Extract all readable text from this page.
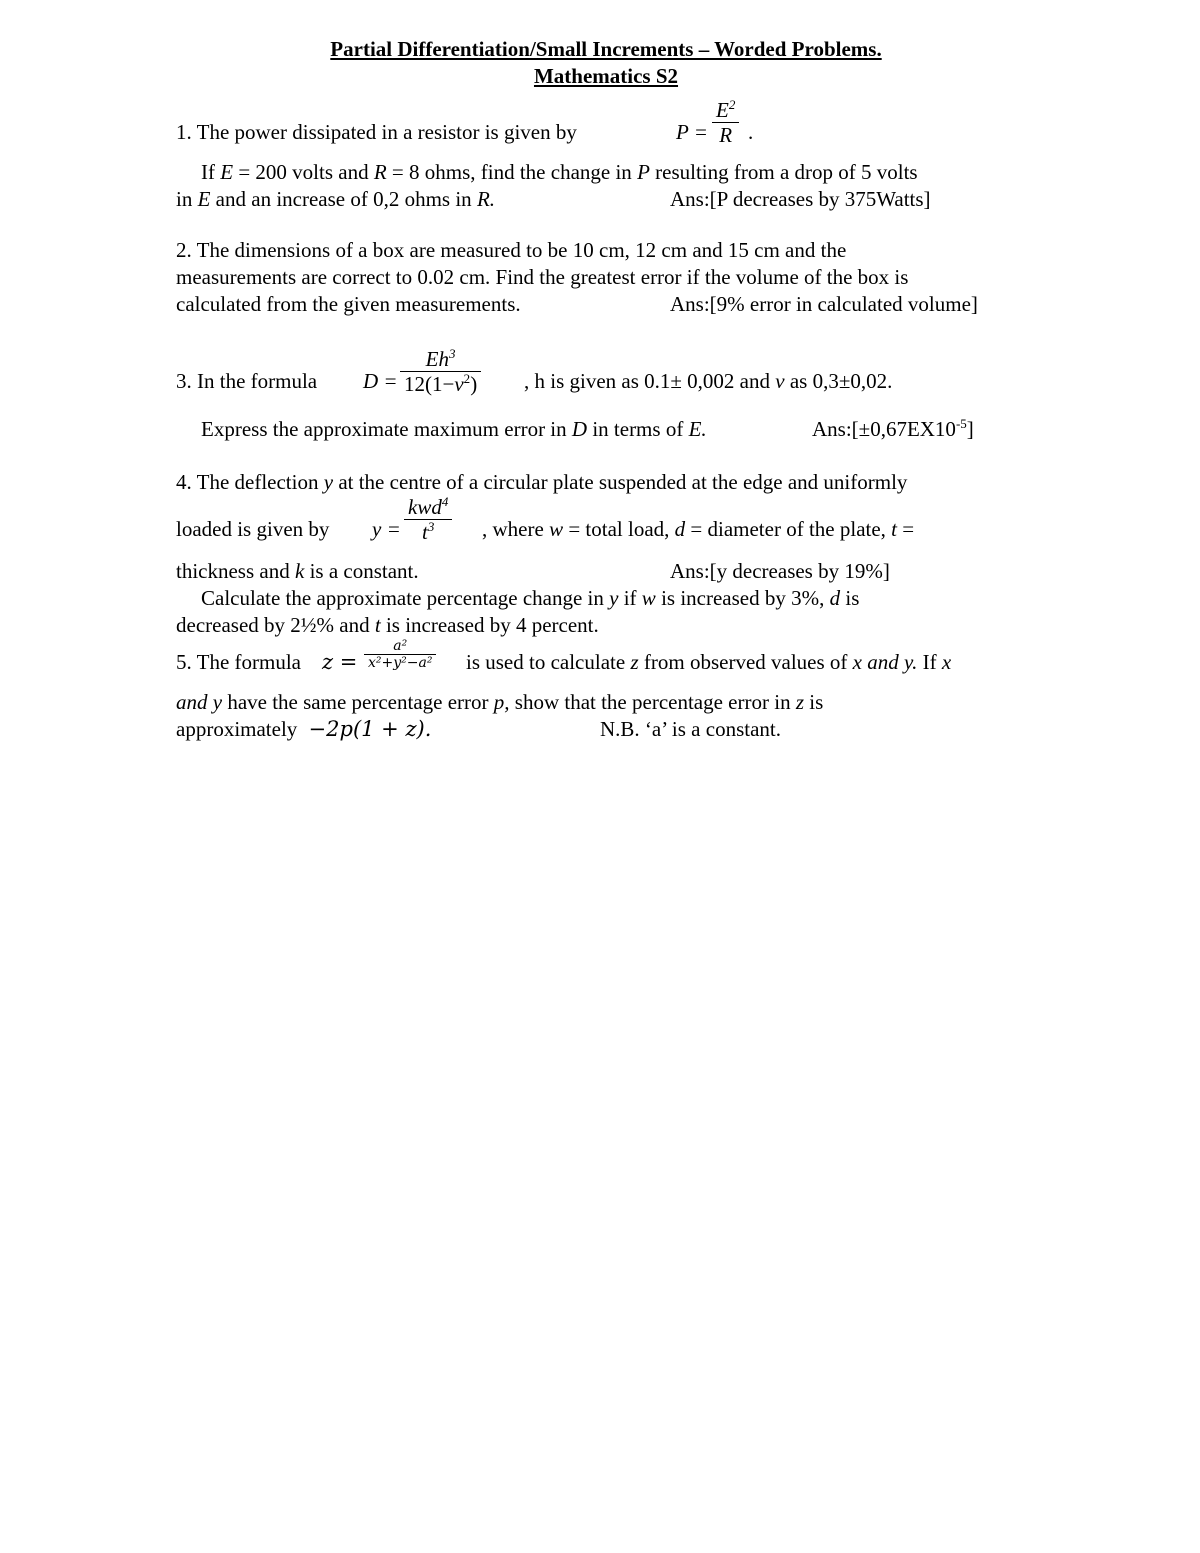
Partial Differentiation/Small Increments – Worded Problems.

Mathematics S2

1. The power dissipated in a resistor is given by	$P = \frac{E^2}{R}$ .
If E = 200 volts and R = 8 ohms, find the change in P resulting from a drop of 5 volts
in E and an increase of 0,2 ohms in R.	Ans:[P decreases by 375Watts]
2. The dimensions of a box are measured to be 10 cm, 12 cm and 15 cm and the
measurements are correct to 0.02 cm. Find the greatest error if the volume of the box is
calculated from the given measurements.	Ans:[9% error in calculated volume]
3. In the formula $D = \frac{Eh^3}{12(1-\nu^2)}$ , h is given as 0.1± 0,002 and ν as 0,3±0,02.
Express the approximate maximum error in D in terms of E.	$Ans:[\pm 0,67EX10^{-5}]$
4. The deflection y at the centre of a circular plate suspended at the edge and uniformly
loaded is given by y =
kwd$^4$
$t^3$	, where w = total load, d = diameter of the plate, t =
thickness and k is a constant.	Ans:[y decreases by 19%]
Calculate the approximate percentage change in y if w is increased by 3%, d is
decreased by 2½% and t is increased by 4 percent.
5. The formula $z = \frac{\text{a²}}{\text{x²+y²−a²}}$ is used to calculate z from observed values of x and y. If x
and y have the same percentage error p, show that the percentage error in z is
approximately −2p(1 + z).	N.B. ‘a’ is a constant.
